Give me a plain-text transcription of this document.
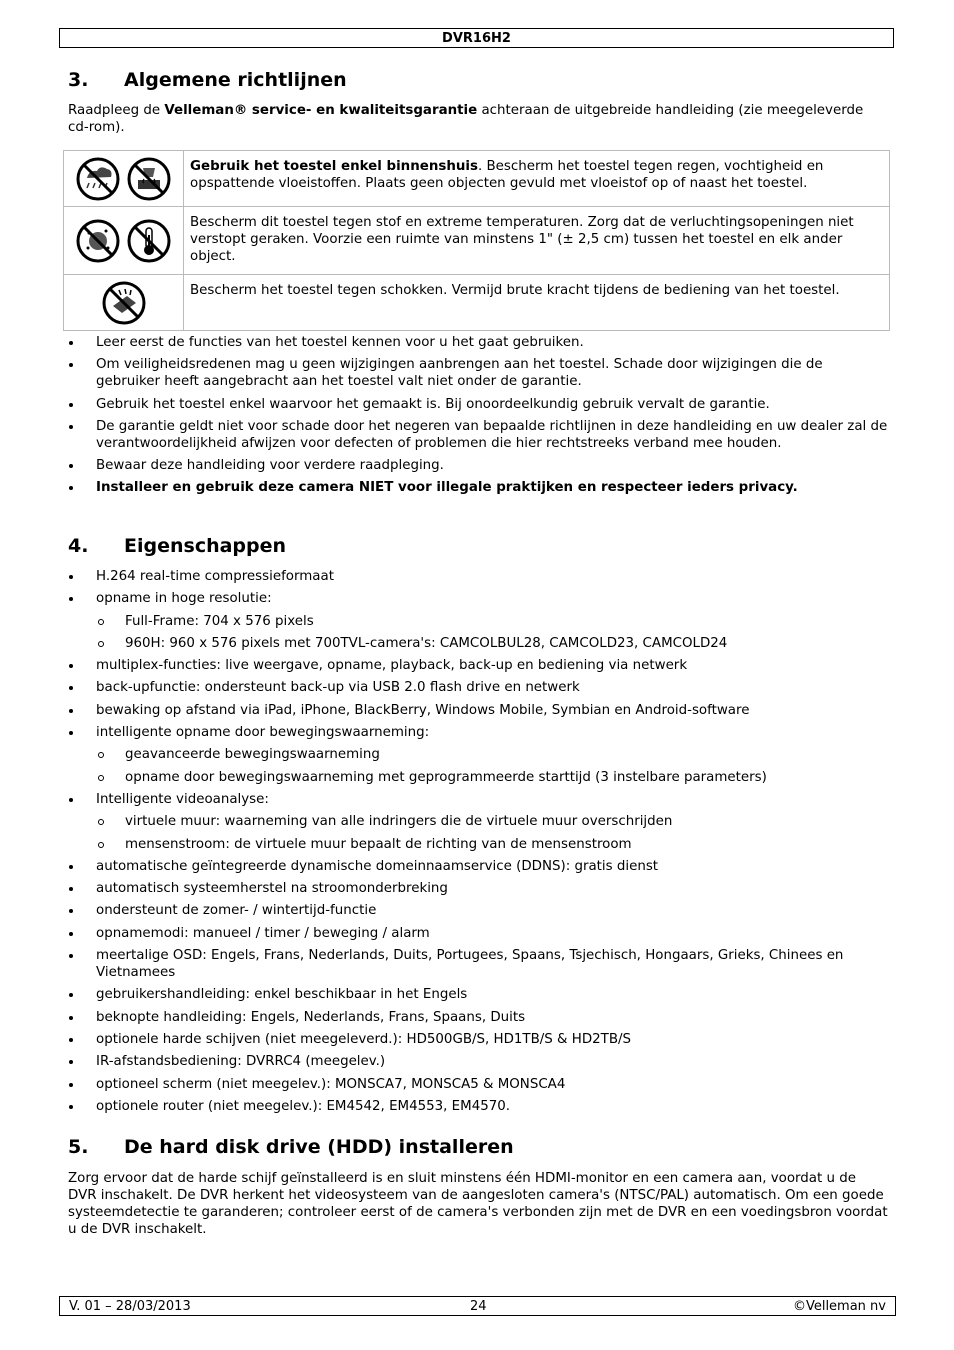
DVR16H2
3. Algemene richtlijnen

Raadpleeg de Velleman® service- en kwaliteitsgarantie achteraan de uitgebreide handleiding (zie meegeleverde cd-rom).

	Gebruik het toestel enkel binnenshuis. Bescherm het toestel tegen regen, vochtigheid en opspattende vloeistoffen. Plaats geen objecten gevuld met vloeistof op of naast het toestel.
	Bescherm dit toestel tegen stof en extreme temperaturen. Zorg dat de verluchtingsopeningen niet verstopt geraken. Voorzie een ruimte van minstens 1" (± 2,5 cm) tussen het toestel en elk ander object.
	Bescherm het toestel tegen schokken. Vermijd brute kracht tijdens de bediening van het toestel.
Leer eerst de functies van het toestel kennen voor u het gaat gebruiken.
Om veiligheidsredenen mag u geen wijzigingen aanbrengen aan het toestel. Schade door wijzigingen die de gebruiker heeft aangebracht aan het toestel valt niet onder de garantie.
Gebruik het toestel enkel waarvoor het gemaakt is. Bij onoordeelkundig gebruik vervalt de garantie.
De garantie geldt niet voor schade door het negeren van bepaalde richtlijnen in deze handleiding en uw dealer zal de verantwoordelijkheid afwijzen voor defecten of problemen die hier rechtstreeks verband mee houden.
Bewaar deze handleiding voor verdere raadpleging.
Installeer en gebruik deze camera NIET voor illegale praktijken en respecteer ieders privacy.
4. Eigenschappen
H.264 real-time compressieformaat
opname in hoge resolutie:
Full-Frame: 704 x 576 pixels
960H: 960 x 576 pixels met 700TVL-camera's: CAMCOLBUL28, CAMCOLD23, CAMCOLD24
multiplex-functies: live weergave, opname, playback, back-up en bediening via netwerk
back-upfunctie: ondersteunt back-up via USB 2.0 flash drive en netwerk
bewaking op afstand via iPad, iPhone, BlackBerry, Windows Mobile, Symbian en Android-software
intelligente opname door bewegingswaarneming:
geavanceerde bewegingswaarneming
opname door bewegingswaarneming met geprogrammeerde starttijd (3 instelbare parameters)
Intelligente videoanalyse:
virtuele muur: waarneming van alle indringers die de virtuele muur overschrijden
mensenstroom: de virtuele muur bepaalt de richting van de mensenstroom
automatische geïntegreerde dynamische domeinnaamservice (DDNS): gratis dienst
automatisch systeemherstel na stroomonderbreking
ondersteunt de zomer- / wintertijd-functie
opnamemodi: manueel / timer / beweging / alarm
meertalige OSD: Engels, Frans, Nederlands, Duits, Portugees, Spaans, Tsjechisch, Hongaars, Grieks, Chinees en Vietnamees
gebruikershandleiding: enkel beschikbaar in het Engels
beknopte handleiding: Engels, Nederlands, Frans, Spaans, Duits
optionele harde schijven (niet meegeleverd.): HD500GB/S, HD1TB/S & HD2TB/S
IR-afstandsbediening: DVRRC4 (meegelev.)
optioneel scherm (niet meegelev.): MONSCA7, MONSCA5 & MONSCA4
optionele router (niet meegelev.): EM4542, EM4553, EM4570.
5. De hard disk drive (HDD) installeren

Zorg ervoor dat de harde schijf geïnstalleerd is en sluit minstens één HDMI-monitor en een camera aan, voordat u de DVR inschakelt. De DVR herkent het videosysteem van de aangesloten camera's (NTSC/PAL) automatisch. Om een goede systeemdetectie te garanderen; controleer eerst of de camera's verbonden zijn met de DVR en een voedingsbron voordat u de DVR inschakelt.

V. 01 – 28/03/2013	24	©Velleman nv
